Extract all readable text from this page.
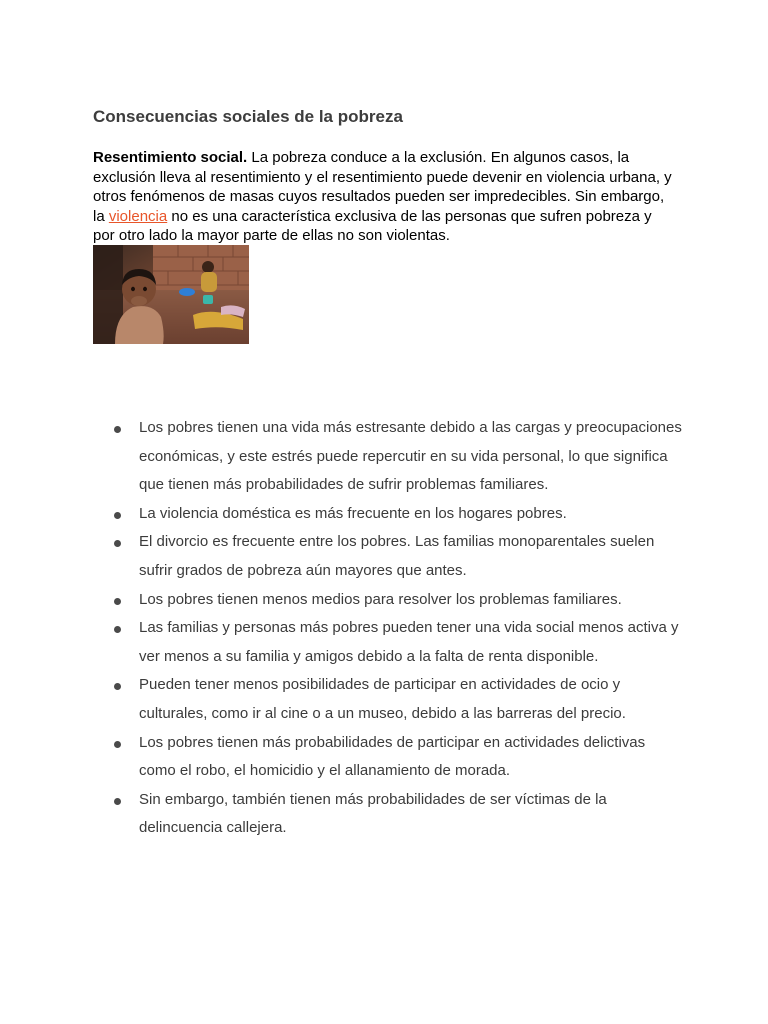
Consecuencias sociales de la pobreza

Resentimiento social. La pobreza conduce a la exclusión. En algunos casos, la exclusión lleva al resentimiento y el resentimiento puede devenir en violencia urbana, y otros fenómenos de masas cuyos resultados pueden ser impredecibles. Sin embargo, la violencia no es una característica exclusiva de las personas que sufren pobreza y por otro lado la mayor parte de ellas no son violentas.

Los pobres tienen una vida más estresante debido a las cargas y preocupaciones económicas, y este estrés puede repercutir en su vida personal, lo que significa que tienen más probabilidades de sufrir problemas familiares.
La violencia doméstica es más frecuente en los hogares pobres.
El divorcio es frecuente entre los pobres. Las familias monoparentales suelen sufrir grados de pobreza aún mayores que antes.
Los pobres tienen menos medios para resolver los problemas familiares.
Las familias y personas más pobres pueden tener una vida social menos activa y ver menos a su familia y amigos debido a la falta de renta disponible.
Pueden tener menos posibilidades de participar en actividades de ocio y culturales, como ir al cine o a un museo, debido a las barreras del precio.
Los pobres tienen más probabilidades de participar en actividades delictivas como el robo, el homicidio y el allanamiento de morada.
Sin embargo, también tienen más probabilidades de ser víctimas de la delincuencia callejera.
